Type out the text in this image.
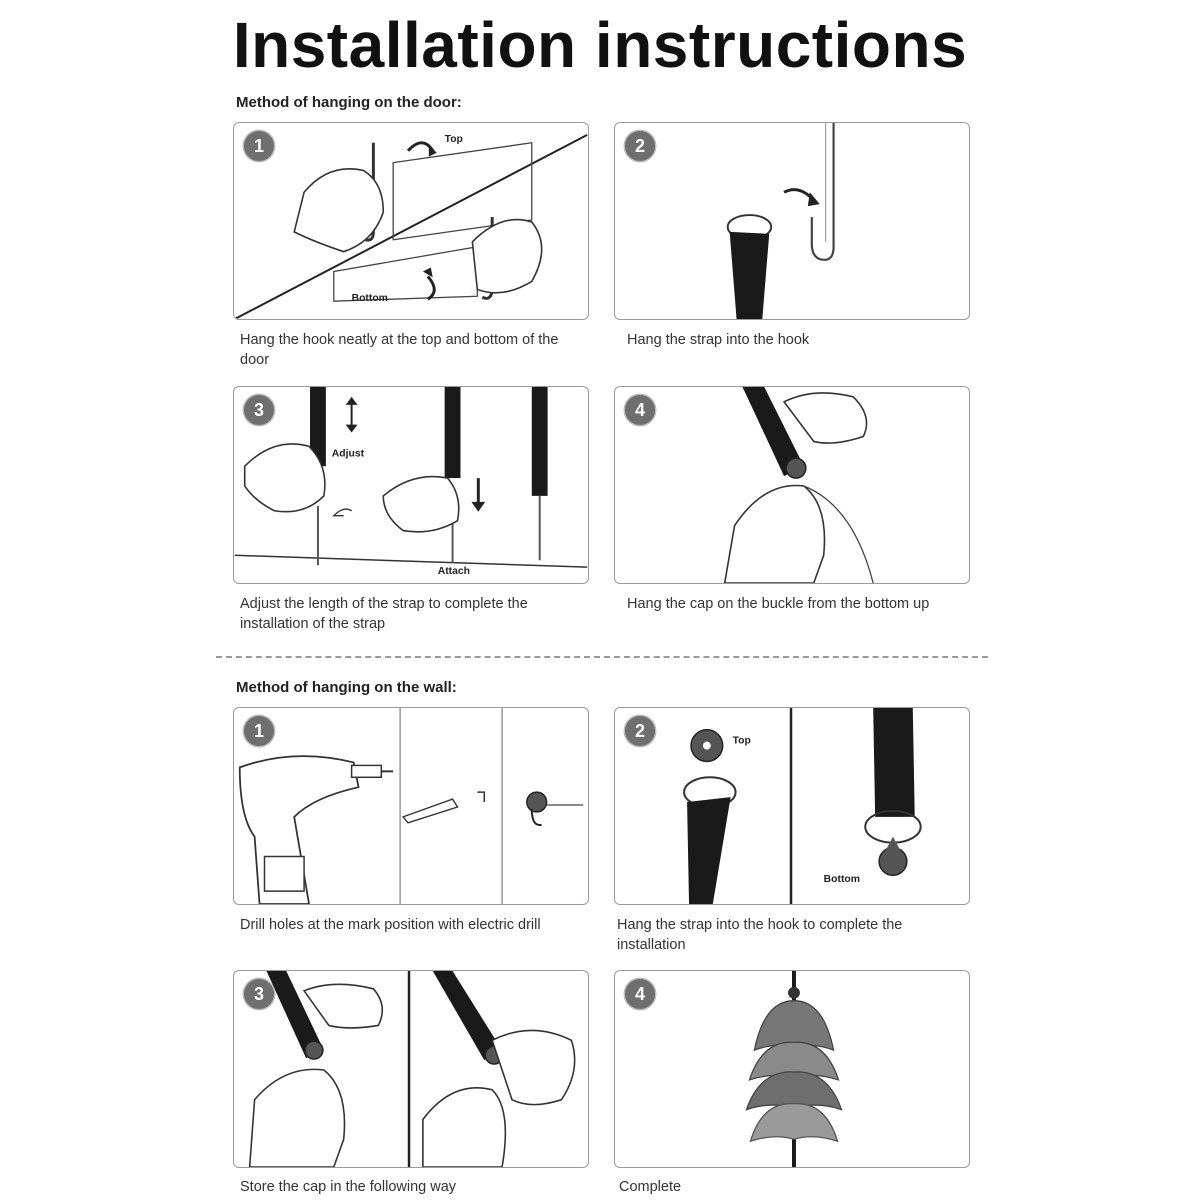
Installation instructions
Method of hanging on the door:
1	Top
Bottom
Hang the hook neatly at the top and bottom of the door
2
Hang the strap into the hook
3
Adjust
Attach
Adjust the length of the strap to complete the installation of the strap
4
Hang the cap on the buckle from the bottom up
Method of hanging on the wall:
1
Drill holes at the mark position with electric drill
2
Top
Bottom
Hang the strap into the hook to complete the installation
3
Store the cap in the following way
4
Complete
